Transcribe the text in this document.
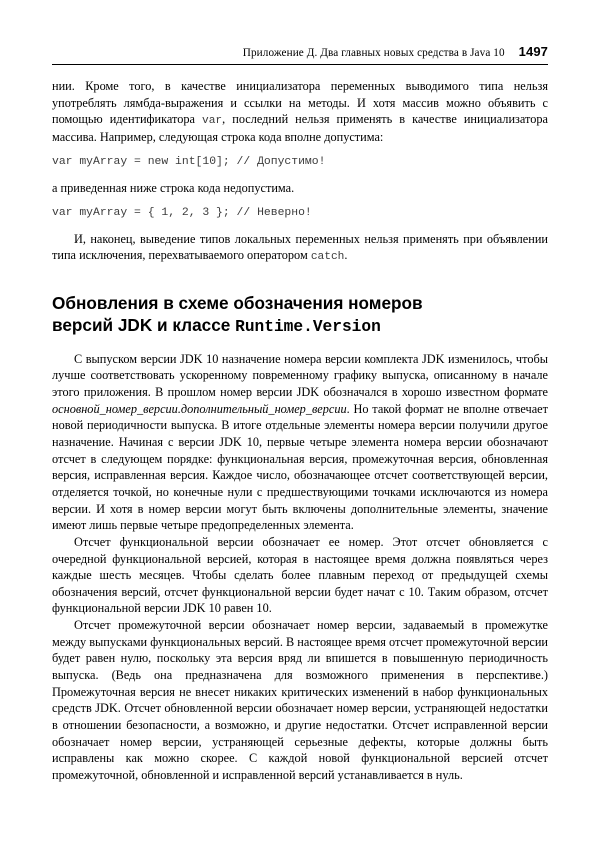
Приложение Д. Два главных новых средства в Java 10 1497

нии. Кроме того, в качестве инициализатора переменных выводимого типа нельзя употреблять лямбда-выражения и ссылки на методы. И хотя массив можно объявить с помощью идентификатора var, последний нельзя применять в качестве инициализатора массива. Например, следующая строка кода вполне допустима:

var myArray = new int[10]; // Допустимо!

а приведенная ниже строка кода недопустима.

var myArray = { 1, 2, 3 }; // Неверно!

И, наконец, выведение типов локальных переменных нельзя применять при объявлении типа исключения, перехватываемого оператором catch.

Обновления в схеме обозначения номеров
версий JDK и классе Runtime.Version

С выпуском версии JDK 10 назначение номера версии комплекта JDK изменилось, чтобы лучше соответствовать ускоренному повременному графику выпуска, описанному в начале этого приложения. В прошлом номер версии JDK обозначался в хорошо известном формате основной_номер_версии.дополнительный_номер_версии. Но такой формат не вполне отвечает новой периодичности выпуска. В итоге отдельные элементы номера версии получили другое назначение. Начиная с версии JDK 10, первые четыре элемента номера версии обозначают отсчет в следующем порядке: функциональная версия, промежуточная версия, обновленная версия, исправленная версия. Каждое число, обозначающее отсчет соответствующей версии, отделяется точкой, но конечные нули с предшествующими точками исключаются из номера версии. И хотя в номер версии могут быть включены дополнительные элементы, значение имеют лишь первые четыре предопределенных элемента.

Отсчет функциональной версии обозначает ее номер. Этот отсчет обновляется с очередной функциональной версией, которая в настоящее время должна появляться через каждые шесть месяцев. Чтобы сделать более плавным переход от предыдущей схемы обозначения версий, отсчет функциональной версии будет начат с 10. Таким образом, отсчет функциональной версии JDK 10 равен 10.

Отсчет промежуточной версии обозначает номер версии, задаваемый в промежутке между выпусками функциональных версий. В настоящее время отсчет промежуточной версии будет равен нулю, поскольку эта версия вряд ли впишется в повышенную периодичность выпуска. (Ведь она предназначена для возможного применения в перспективе.) Промежуточная версия не внесет никаких критических изменений в набор функциональных средств JDK. Отсчет обновленной версии обозначает номер версии, устраняющей недостатки в отношении безопасности, а возможно, и другие недостатки. Отсчет исправленной версии обозначает номер версии, устраняющей серьезные дефекты, которые должны быть исправлены как можно скорее. С каждой новой функциональной версией отсчет промежуточной, обновленной и исправленной версий устанавливается в нуль.
